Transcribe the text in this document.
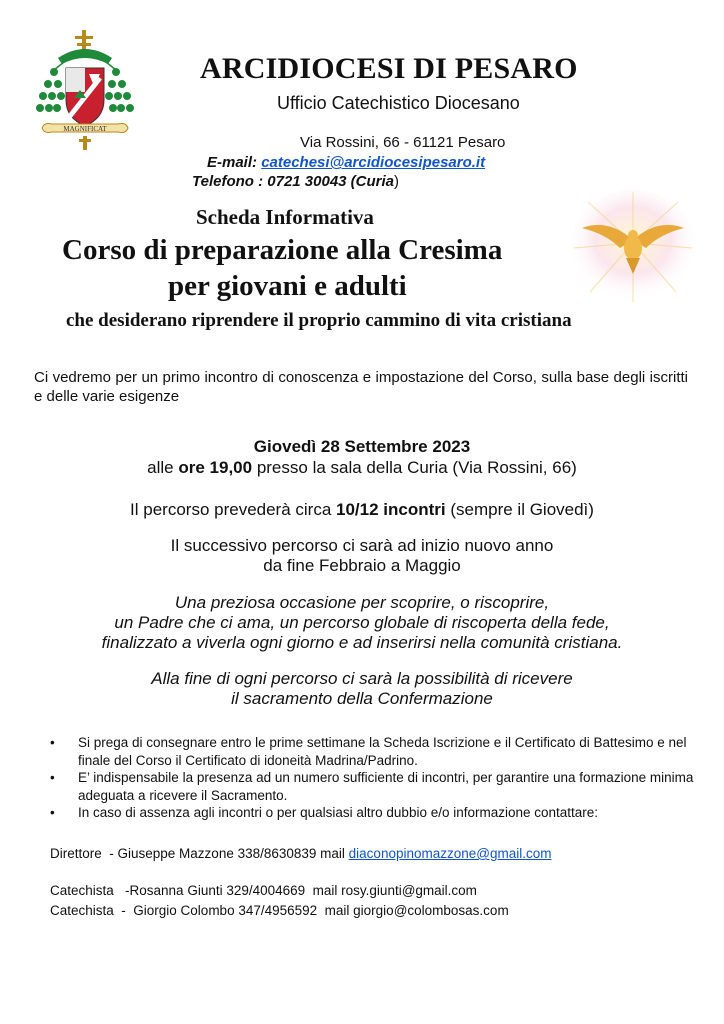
MAGNIFICAT
ARCIDIOCESI DI PESARO
Ufficio Catechistico Diocesano
Via Rossini, 66 - 61121 Pesaro
E-mail: catechesi@arcidiocesipesaro.it
Telefono : 0721 30043 (Curia)
Scheda Informativa
Corso di preparazione alla Cresima
per giovani e adulti
che desiderano riprendere il proprio cammino di vita cristiana
Ci vedremo per un primo incontro di conoscenza e impostazione del Corso, sulla base degli iscritti e delle varie esigenze
Giovedì 28 Settembre 2023
alle ore 19,00 presso la sala della Curia (Via Rossini, 66)
Il percorso prevederà circa 10/12 incontri (sempre il Giovedì)
Il successivo percorso ci sarà ad inizio nuovo anno
da fine Febbraio a Maggio
Una preziosa occasione per scoprire, o riscoprire,
un Padre che ci ama, un percorso globale di riscoperta della fede,
finalizzato a viverla ogni giorno e ad inserirsi nella comunità cristiana.
Alla fine di ogni percorso ci sarà la possibilità di ricevere
il sacramento della Confermazione
• Si prega di consegnare entro le prime settimane la Scheda Iscrizione e il Certificato di Battesimo e nel finale del Corso il Certificato di idoneità Madrina/Padrino.
• E’ indispensabile la presenza ad un numero sufficiente di incontri, per garantire una formazione minima adeguata a ricevere il Sacramento.
• In caso di assenza agli incontri o per qualsiasi altro dubbio e/o informazione contattare:
Direttore  - Giuseppe Mazzone 338/8630839 mail diaconopinomazzone@gmail.com
Catechista   -Rosanna Giunti 329/4004669  mail rosy.giunti@gmail.com
Catechista  -  Giorgio Colombo 347/4956592  mail giorgio@colombosas.com
